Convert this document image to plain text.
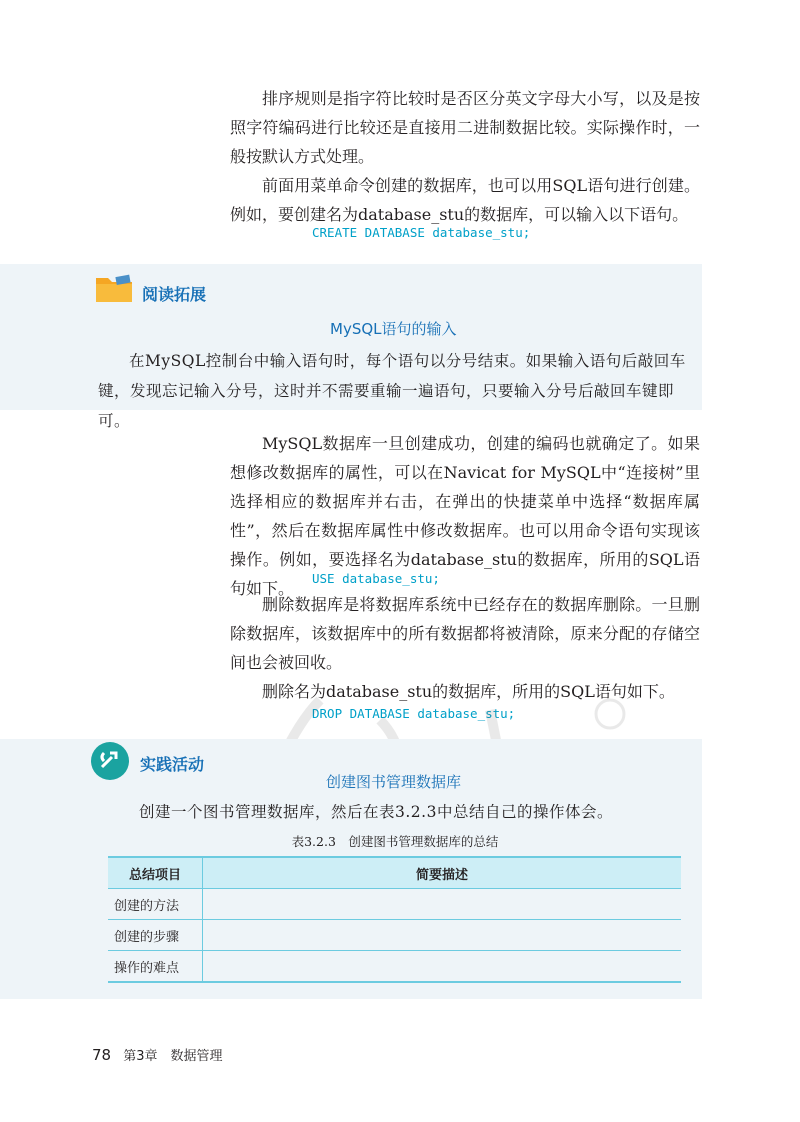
排序规则是指字符比较时是否区分英文字母大小写，以及是按照字符编码进行比较还是直接用二进制数据比较。实际操作时，一般按默认方式处理。

前面用菜单命令创建的数据库，也可以用SQL语句进行创建。例如，要创建名为database_stu的数据库，可以输入以下语句。

CREATE DATABASE database_stu;
阅读拓展
MySQL语句的输入
在MySQL控制台中输入语句时，每个语句以分号结束。如果输入语句后敲回车键，发现忘记输入分号，这时并不需要重输一遍语句，只要输入分号后敲回车键即可。

MySQL数据库一旦创建成功，创建的编码也就确定了。如果想修改数据库的属性，可以在Navicat for MySQL中“连接树”里选择相应的数据库并右击，在弹出的快捷菜单中选择“数据库属性”，然后在数据库属性中修改数据库。也可以用命令语句实现该操作。例如，要选择名为database_stu的数据库，所用的SQL语句如下。

USE database_stu;

删除数据库是将数据库系统中已经存在的数据库删除。一旦删除数据库，该数据库中的所有数据都将被清除，原来分配的存储空间也会被回收。

删除名为database_stu的数据库，所用的SQL语句如下。

DROP DATABASE database_stu;
实践活动
创建图书管理数据库
创建一个图书管理数据库，然后在表3.2.3中总结自己的操作体会。
表3.2.3　创建图书管理数据库的总结
总结项目	简要描述
创建的方法	
创建的步骤	
操作的难点	
78 第3章　数据管理
